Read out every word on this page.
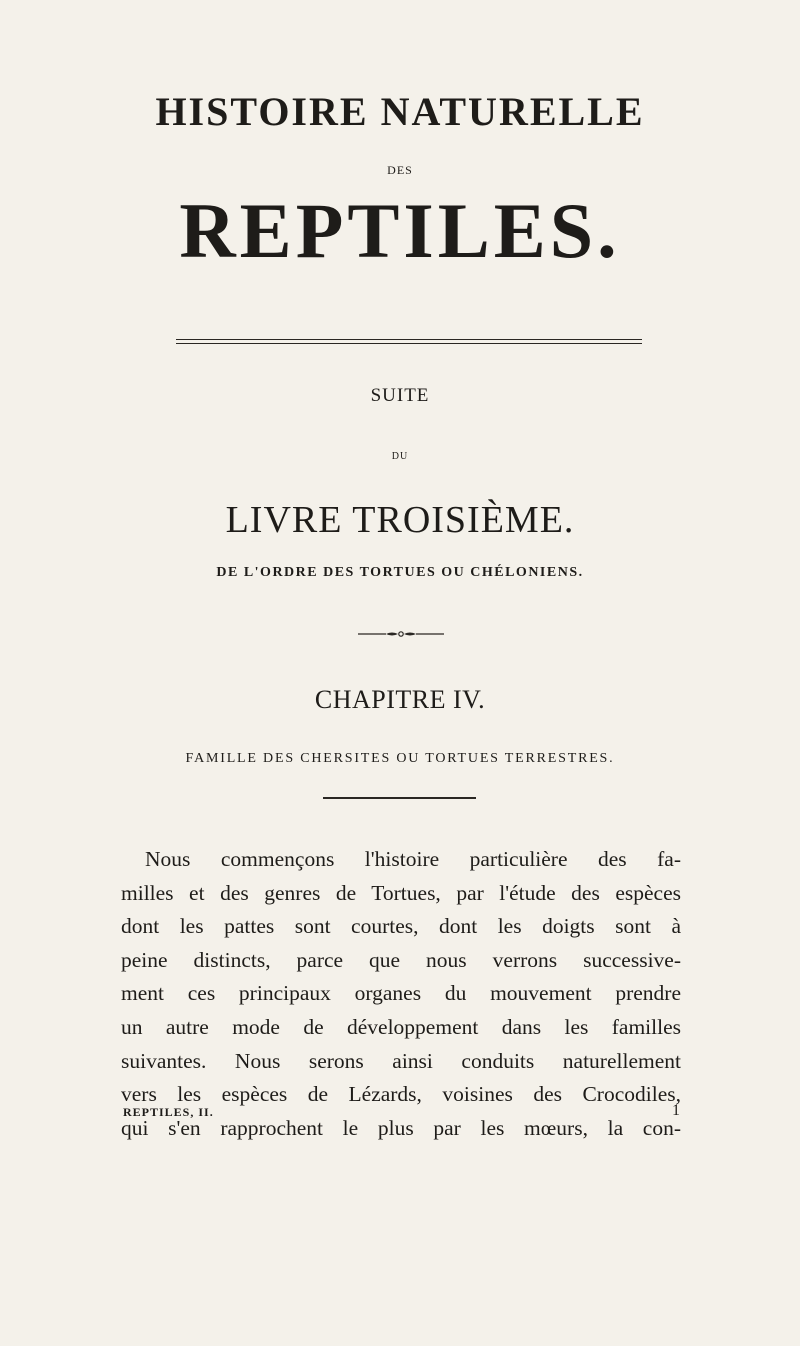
HISTOIRE NATURELLE
DES
REPTILES.
SUITE
DU
LIVRE TROISIÈME.
DE L'ORDRE DES TORTUES OU CHÉLONIENS.
CHAPITRE IV.
FAMILLE DES CHERSITES OU TORTUES TERRESTRES.
Nous commençons l'histoire particulière des fa-
milles et des genres de Tortues, par l'étude des espèces
dont les pattes sont courtes, dont les doigts sont à
peine distincts, parce que nous verrons successive-
ment ces principaux organes du mouvement prendre
un autre mode de développement dans les familles
suivantes. Nous serons ainsi conduits naturellement
vers les espèces de Lézards, voisines des Crocodiles,
qui s'en rapprochent le plus par les mœurs, la con-
REPTILES, II.	1
